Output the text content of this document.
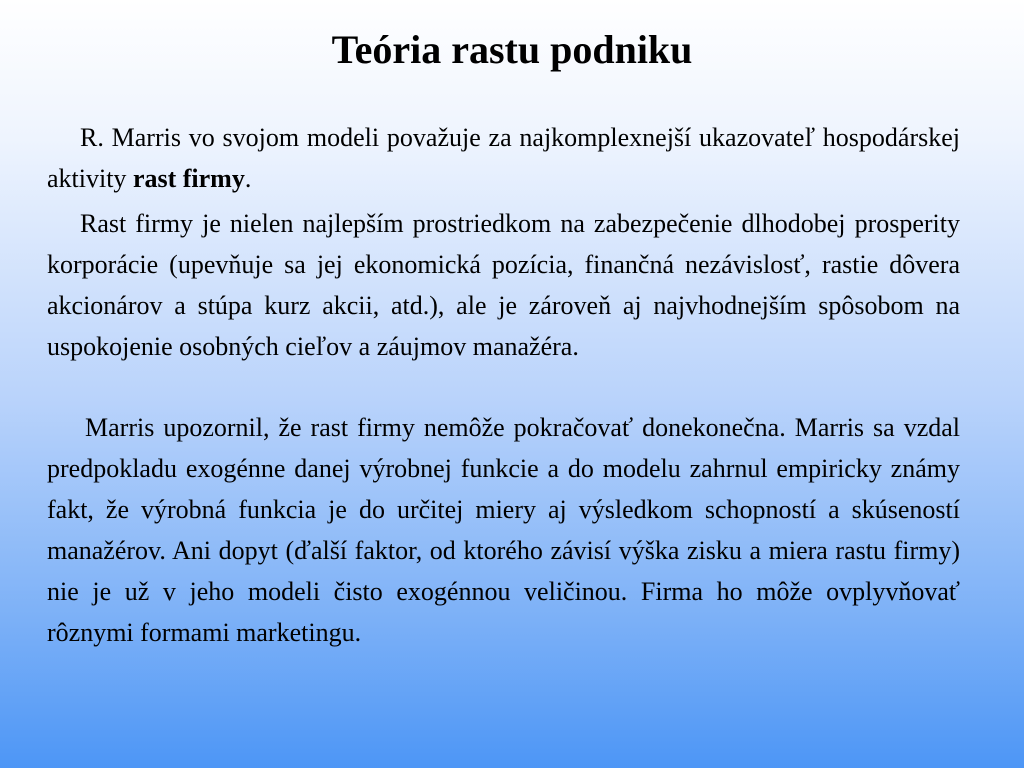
Teória rastu podniku

R. Marris vo svojom modeli považuje za najkomplexnejší ukazovateľ hospodárskej aktivity rast firmy.

Rast firmy je nielen najlepším prostriedkom na zabezpečenie dlhodobej prosperity korporácie (upevňuje sa jej ekonomická pozícia, finančná nezávislosť, rastie dôvera akcionárov a stúpa kurz akcii, atd.), ale je zároveň aj najvhodnejším spôsobom na uspokojenie osobných cieľov a záujmov manažéra.

Marris upozornil, že rast firmy nemôže pokračovať donekonečna. Marris sa vzdal predpokladu exogénne danej výrobnej funkcie a do modelu zahrnul empiricky známy fakt, že výrobná funkcia je do určitej miery aj výsledkom schopností a skúseností manažérov. Ani dopyt (ďalší faktor, od ktorého závisí výška zisku a miera rastu firmy) nie je už v jeho modeli čisto exogénnou veličinou. Firma ho môže ovplyvňovať rôznymi formami marketingu.
